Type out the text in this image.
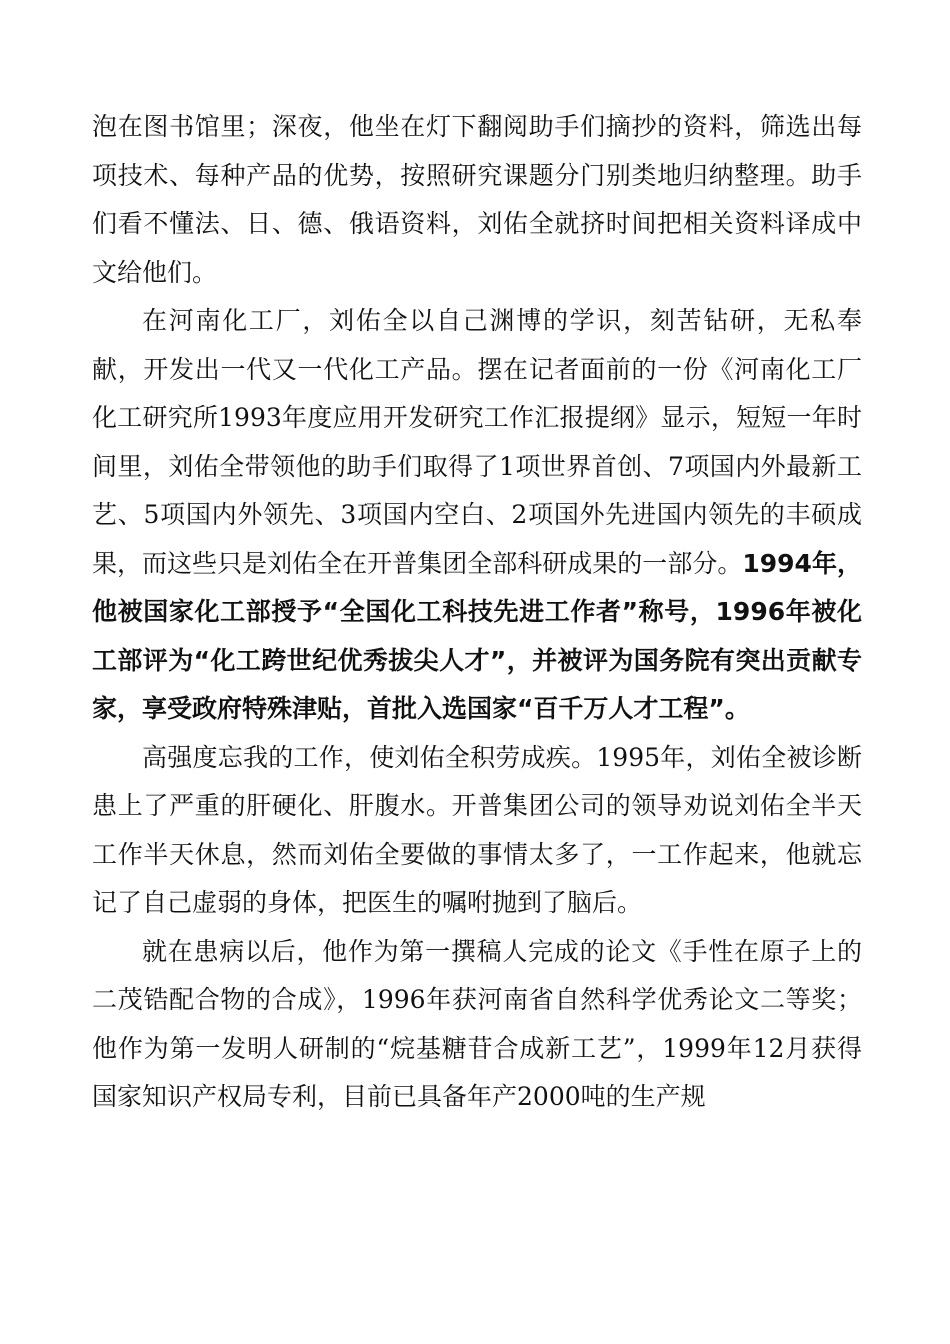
泡在图书馆里；深夜，他坐在灯下翻阅助手们摘抄的资料，筛选出每项技术、每种产品的优势，按照研究课题分门别类地归纳整理。助手们看不懂法、日、德、俄语资料，刘佑全就挤时间把相关资料译成中文给他们。

在河南化工厂，刘佑全以自己渊博的学识，刻苦钻研，无私奉献，开发出一代又一代化工产品。摆在记者面前的一份《河南化工厂化工研究所1993年度应用开发研究工作汇报提纲》显示，短短一年时间里，刘佑全带领他的助手们取得了1项世界首创、7项国内外最新工艺、5项国内外领先、3项国内空白、2项国外先进国内领先的丰硕成果，而这些只是刘佑全在开普集团全部科研成果的一部分。1994年，他被国家化工部授予“全国化工科技先进工作者”称号，1996年被化工部评为“化工跨世纪优秀拔尖人才”，并被评为国务院有突出贡献专家，享受政府特殊津贴，首批入选国家“百千万人才工程”。

高强度忘我的工作，使刘佑全积劳成疾。1995年，刘佑全被诊断患上了严重的肝硬化、肝腹水。开普集团公司的领导劝说刘佑全半天工作半天休息，然而刘佑全要做的事情太多了，一工作起来，他就忘记了自己虚弱的身体，把医生的嘱咐抛到了脑后。

就在患病以后，他作为第一撰稿人完成的论文《手性在原子上的二茂锆配合物的合成》，1996年获河南省自然科学优秀论文二等奖；他作为第一发明人研制的“烷基糖苷合成新工艺”，1999年12月获得国家知识产权局专利，目前已具备年产2000吨的生产规
